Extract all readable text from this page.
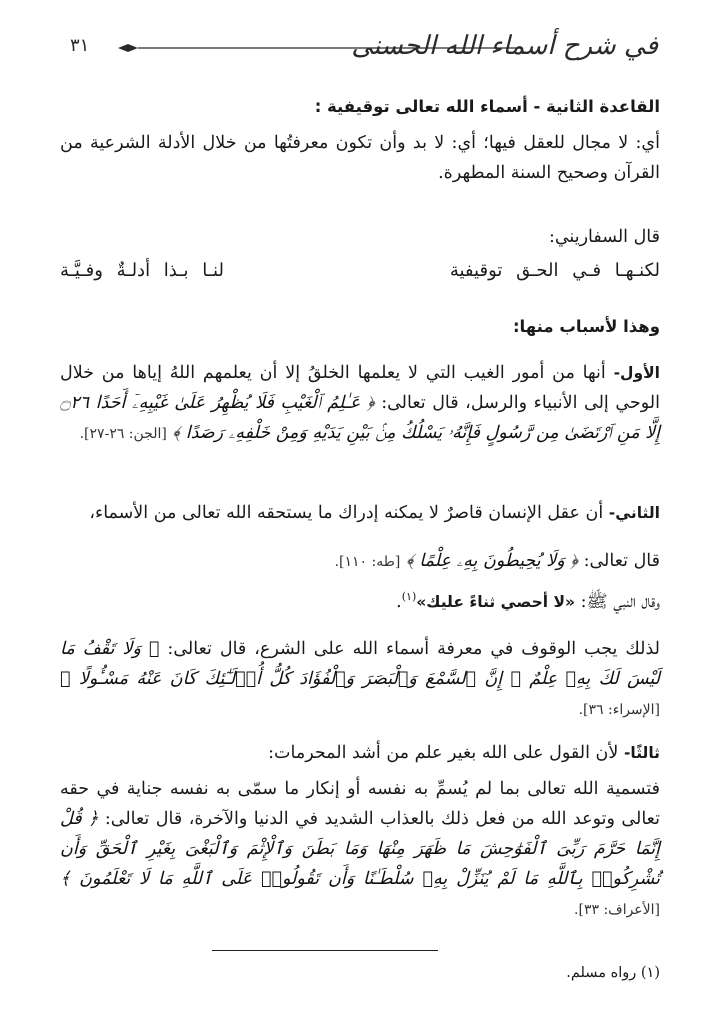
في شرح أسماء الله الحسنى
٣١
القاعدة الثانية - أسماء الله تعالى توقيفية :
أي: لا مجال للعقل فيها؛ أي: لا بد وأن تكون معرفتُها من خلال الأدلة الشرعية من القرآن وصحيح السنة المطهرة.
قال السفاريني:
لكنـهـا فـي الحـق توقيفية
لنـا بـذا أدلـةٌ وفـيَّـة
وهذا لأسباب منها:
الأول- أنها من أمور الغيب التي لا يعلمها الخلقُ إلا أن يعلمهم اللهُ إياها من خلال الوحي إلى الأنبياء والرسل، قال تعالى: ﴿ عَـٰلِمُ ٱلْغَيْبِ فَلَا يُظْهِرُ عَلَىٰ غَيْبِهِۦٓ أَحَدًا ۝٢٦ إِلَّا مَنِ ٱرْتَضَىٰ مِن رَّسُولٍ فَإِنَّهُۥ يَسْلُكُ مِنۢ بَيْنِ يَدَيْهِ وَمِنْ خَلْفِهِۦ رَصَدًا ﴾ [الجن: ٢٦-٢٧].
الثاني- أن عقل الإنسان قاصرٌ لا يمكنه إدراك ما يستحقه الله تعالى من الأسماء،
قال تعالى: ﴿ وَلَا يُحِيطُونَ بِهِۦ عِلْمًا ﴾ [طه: ١١٠].
وقال النبي ﷺ: «لا أحصي ثناءً عليك»$^{(١)}$.
لذلك يجب الوقوف في معرفة أسماء الله على الشرع، قال تعالى: ﴿ وَلَا تَقْفُ مَا لَيْسَ لَكَ بِهِۦ عِلْمٌ ۚ إِنَّ ٱلسَّمْعَ وَٱلْبَصَرَ وَٱلْفُؤَادَ كُلُّ أُو۟لَـٰٓئِكَ كَانَ عَنْهُ مَسْـُٔولًا ﴾ [الإسراء: ٣٦].
ثالثًا- لأن القول على الله بغير علم من أشد المحرمات:
فتسمية الله تعالى بما لم يُسمِّ به نفسه أو إنكار ما سمّى به نفسه جناية في حقه تعالى وتوعد الله من فعل ذلك بالعذاب الشديد في الدنيا والآخرة، قال تعالى: ﴿ قُلْ إِنَّمَا حَرَّمَ رَبِّىَ ٱلْفَوَٰحِشَ مَا ظَهَرَ مِنْهَا وَمَا بَطَنَ وَٱلْإِثْمَ وَٱلْبَغْىَ بِغَيْرِ ٱلْحَقِّ وَأَن تُشْرِكُوا۟ بِٱللَّهِ مَا لَمْ يُنَزِّلْ بِهِۦ سُلْطَـٰنًا وَأَن تَقُولُوا۟ عَلَى ٱللَّهِ مَا لَا تَعْلَمُونَ ﴾ [الأعراف: ٣٣].
(١) رواه مسلم.
